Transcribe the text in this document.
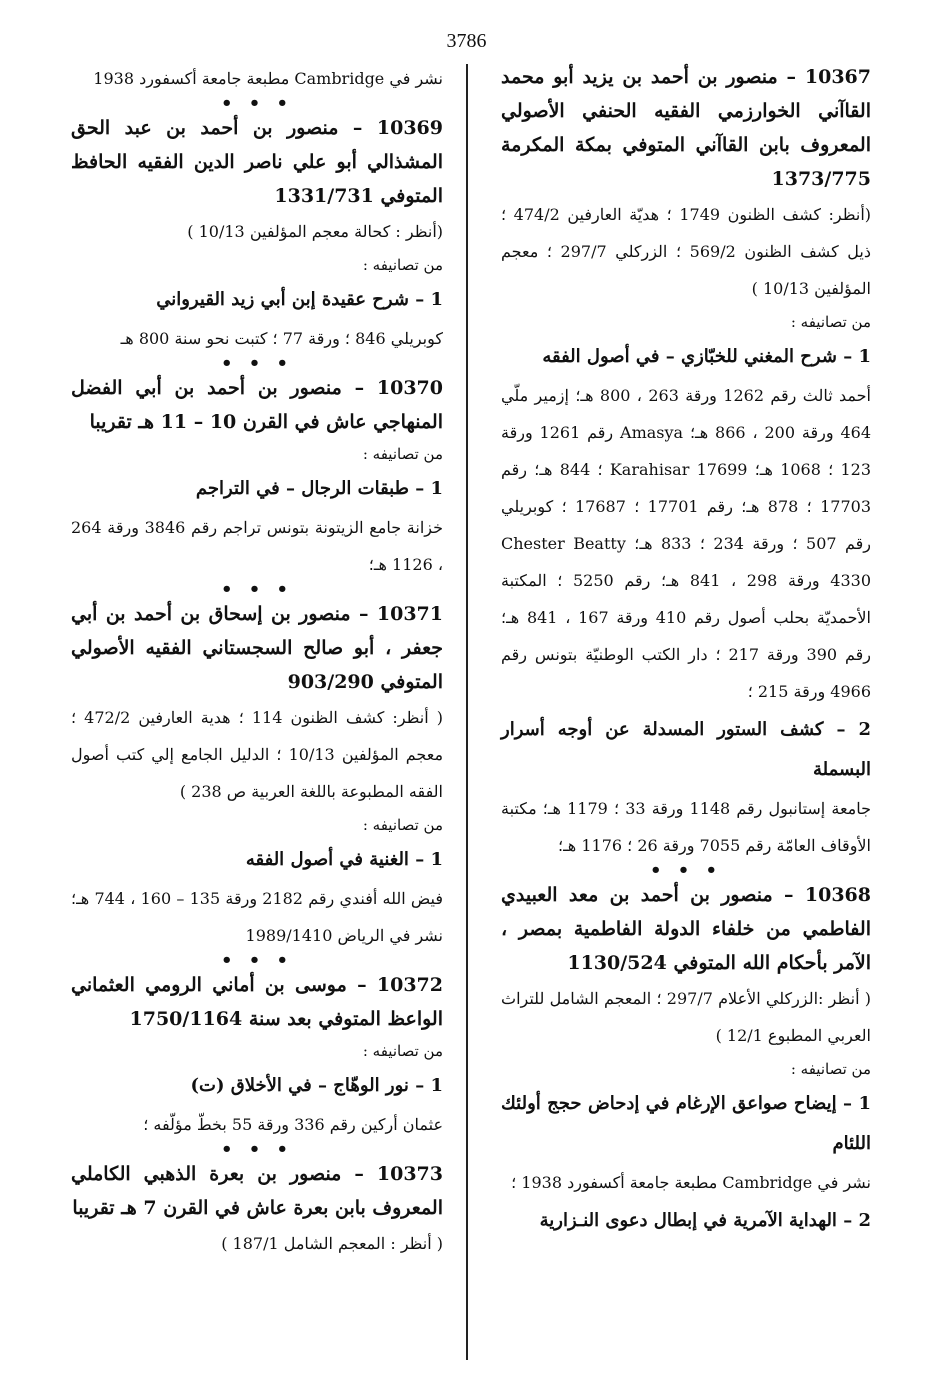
3786

10367 – منصور بن أحمد بن يزيد أبو محمد القاآني الخوارزمي الفقيه الحنفي الأصولي المعروف بابن القاآني المتوفي بمكة المكرمة 1373/775

(أنظر: كشف الظنون 1749 ؛ هديّة العارفين 474/2 ؛ ذيل كشف الظنون 569/2 ؛ الزركلي 297/7 ؛ معجم المؤلفين 10/13 )

من تصانيفه :

1 – شرح المغني للخبّازي – في أصول الفقه

أحمد ثالث رقم 1262 ورقة 263 ، 800 هـ؛ إزمير ملّي 464 ورقة 200 ، 866 هـ؛ Amasya رقم 1261 ورقة 123 ؛ 1068 هـ؛ Karahisar 17699 ؛ 844 هـ؛ رقم 17703 ؛ 878 هـ؛ رقم 17701 ؛ 17687 ؛ كوبريلي رقم 507 ؛ ورقة 234 ؛ 833 هـ؛ Chester Beatty 4330 ورقة 298 ، 841 هـ؛ رقم 5250 ؛ المكتبة الأحمديّة بحلب أصول رقم 410 ورقة 167 ، 841 هـ؛ رقم 390 ورقة 217 ؛ دار الكتب الوطنيّة بتونس رقم 4966 ورقة 215 ؛

2 – كشف الستور المسدلة عن أوجه أسرار البسملة

جامعة إستانبول رقم 1148 ورقة 33 ؛ 1179 هـ؛ مكتبة الأوقاف العامّة رقم 7055 ورقة 26 ؛ 1176 هـ؛

• • •

10368 – منصور بن أحمد بن معد العبيدي الفاطمي من خلفاء الدولة الفاطمية بمصر ، الآمر بأحكام الله المتوفي 1130/524

( أنظر :الزركلي الأعلام 297/7 ؛ المعجم الشامل للتراث العربي المطبوع 12/1 )

من تصانيفه :

1 – إيضاح صواعق الإرغام في إدحاض حجج أولئك اللئام

نشر في Cambridge مطبعة جامعة أكسفورد 1938 ؛

2 – الهداية الآمرية في إبطال دعوى النـزارية

نشر في Cambridge مطبعة جامعة أكسفورد 1938

• • •

10369 – منصور بن أحمد بن عبد الحق المشذالي أبو علي ناصر الدين الفقيه الحافظ المتوفي 1331/731

(أنظر : كحالة معجم المؤلفين 10/13 )

من تصانيفه :

1 – شرح عقيدة إبن أبي زيد القيرواني

كوبريلي 846 ؛ ورقة 77 ؛ كتبت نحو سنة 800 هـ

• • •

10370 – منصور بن أحمد بن أبي الفضل المنهاجي عاش في القرن 10 – 11 هـ تقريبا

من تصانيفه :

1 – طبقات الرجال – في التراجم

خزانة جامع الزيتونة بتونس تراجم رقم 3846 ورقة 264 ، 1126 هـ؛

• • •

10371 – منصور بن إسحاق بن أحمد بن أبي جعفر ، أبو صالح السجستاني الفقيه الأصولي المتوفي 903/290

( أنظر: كشف الظنون 114 ؛ هدية العارفين 472/2 ؛ معجم المؤلفين 10/13 ؛ الدليل الجامع إلي كتب أصول الفقه المطبوعة باللغة العربية ص 238 )

من تصانيفه :

1 – الغنية في أصول الفقه

فيض الله أفندي رقم 2182 ورقة 135 – 160 ، 744 هـ؛ نشر في الرياض 1989/1410

• • •

10372 – موسى بن أماني الرومي العثماني الواعظ المتوفي بعد سنة 1750/1164

من تصانيفه :

1 – نور الوهّاج – في الأخلاق (ت)

عثمان أركين رقم 336 ورقة 55 بخطّ مؤلّفه ؛

• • •

10373 – منصور بن بعرة الذهبي الكاملي المعروف بابن بعرة عاش في القرن 7 هـ تقريبا

( أنظر : المعجم الشامل 187/1 )
